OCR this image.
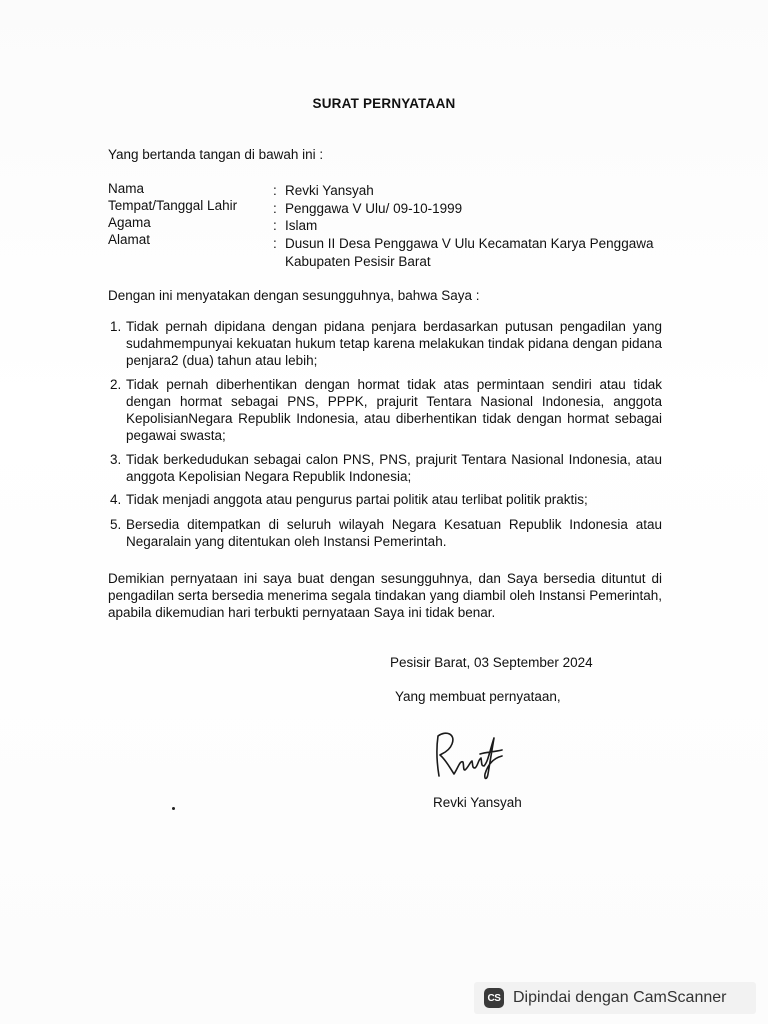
SURAT PERNYATAAN
Yang bertanda tangan di bawah ini :
Nama	: Revki Yansyah
Tempat/Tanggal Lahir	: Penggawa V Ulu/ 09-10-1999
Agama	: Islam
Alamat	: Dusun II Desa Penggawa V Ulu Kecamatan Karya Penggawa
Kabupaten Pesisir Barat
Dengan ini menyatakan dengan sesungguhnya, bahwa Saya :
1. Tidak pernah dipidana dengan pidana penjara berdasarkan putusan pengadilan yang sudahmempunyai kekuatan hukum tetap karena melakukan tindak pidana dengan pidana penjara2 (dua) tahun atau lebih;
2. Tidak pernah diberhentikan dengan hormat tidak atas permintaan sendiri atau tidak dengan hormat sebagai PNS, PPPK, prajurit Tentara Nasional Indonesia, anggota KepolisianNegara Republik Indonesia, atau diberhentikan tidak dengan hormat sebagai pegawai swasta;
3. Tidak berkedudukan sebagai calon PNS, PNS, prajurit Tentara Nasional Indonesia, atau anggota Kepolisian Negara Republik Indonesia;
4. Tidak menjadi anggota atau pengurus partai politik atau terlibat politik praktis;
5. Bersedia ditempatkan di seluruh wilayah Negara Kesatuan Republik Indonesia atau Negaralain yang ditentukan oleh Instansi Pemerintah.
Demikian pernyataan ini saya buat dengan sesungguhnya, dan Saya bersedia dituntut di pengadilan serta bersedia menerima segala tindakan yang diambil oleh Instansi Pemerintah, apabila dikemudian hari terbukti pernyataan Saya ini tidak benar.
Pesisir Barat, 03 September 2024
Yang membuat pernyataan,
Revki Yansyah
CS Dipindai dengan CamScanner
